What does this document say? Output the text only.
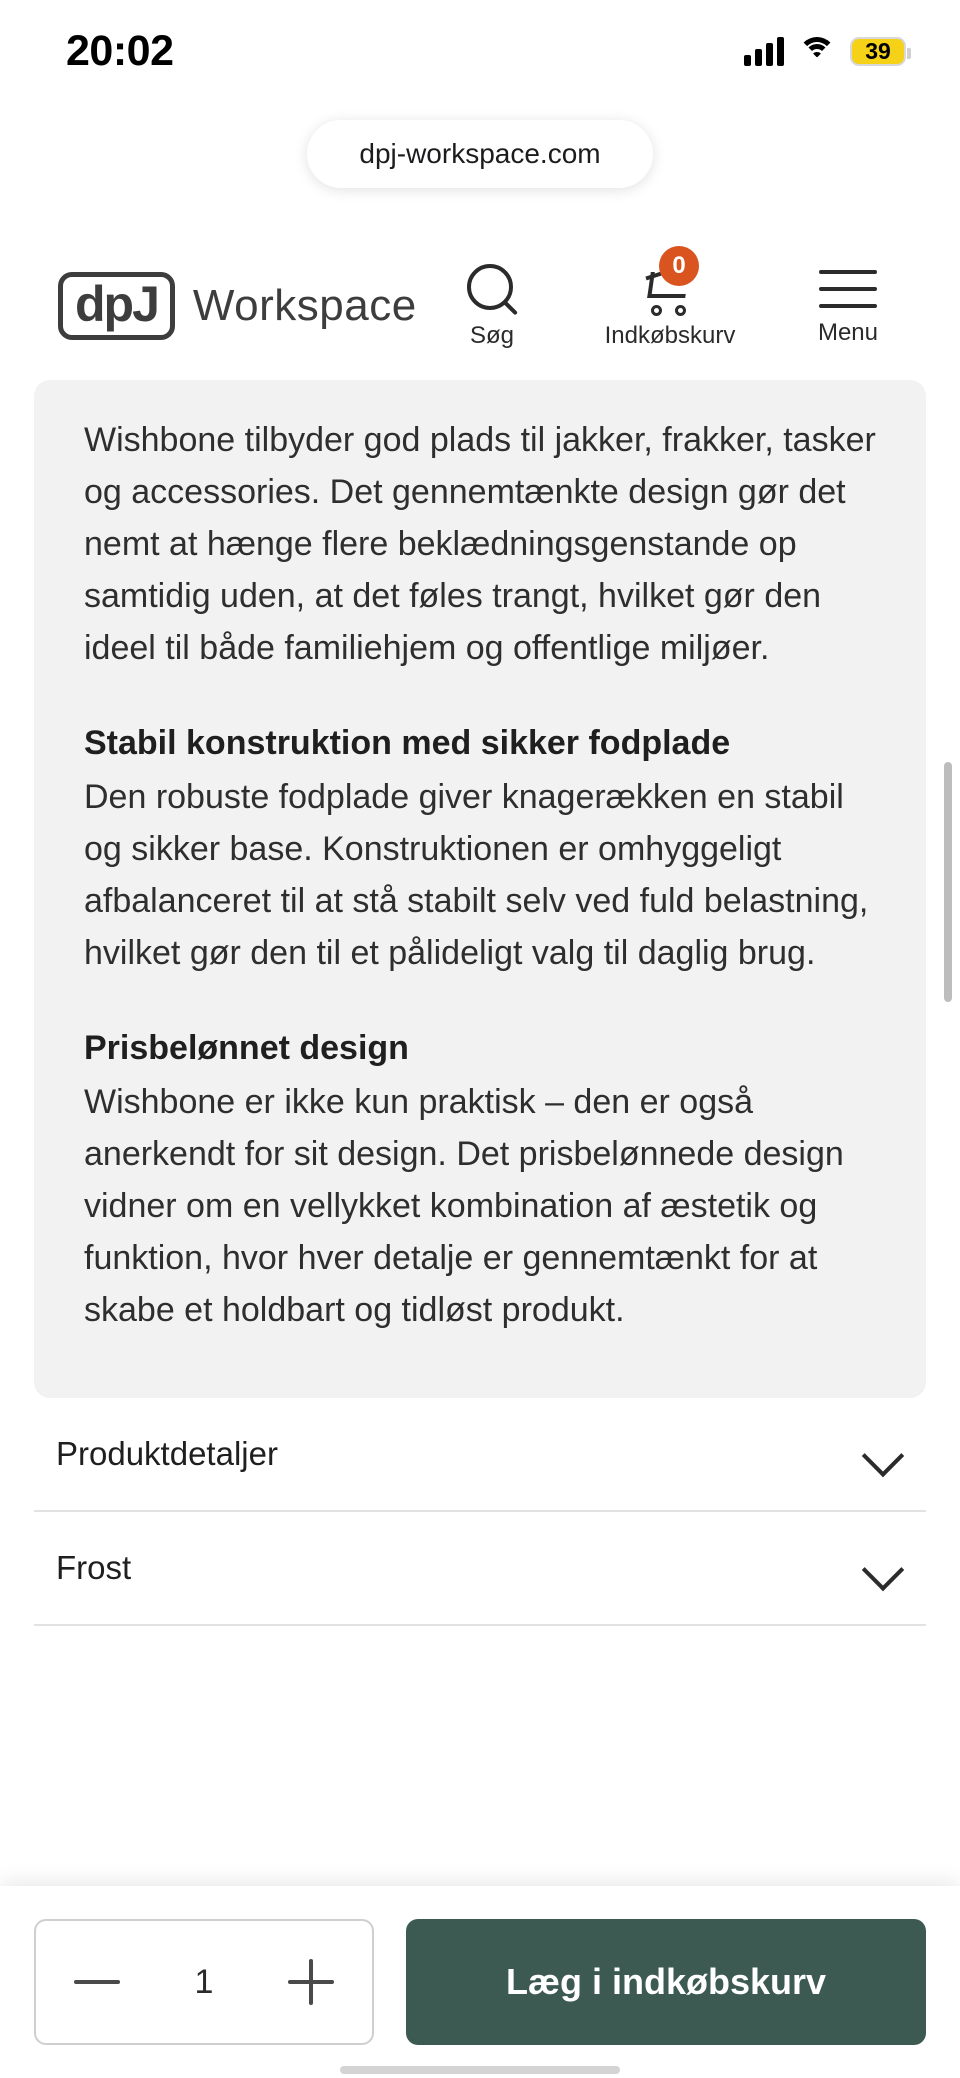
20:02	39
dpj-workspace.com
dpJ Workspace
Søg
0
Indkøbskurv	Menu

Wishbone tilbyder god plads til jakker, frakker, tasker og accessories. Det gennemtænkte design gør det nemt at hænge flere beklædningsgenstande op samtidig uden, at det føles trangt, hvilket gør den ideel til både familiehjem og offentlige miljøer.

Stabil konstruktion med sikker fodplade

Den robuste fodplade giver knagerækken en stabil og sikker base. Konstruktionen er omhyggeligt afbalanceret til at stå stabilt selv ved fuld belastning, hvilket gør den til et pålideligt valg til daglig brug.

Prisbelønnet design

Wishbone er ikke kun praktisk – den er også anerkendt for sit design. Det prisbelønnede design vidner om en vellykket kombination af æstetik og funktion, hvor hver detalje er gennemtænkt for at skabe et holdbart og tidløst produkt.

Produktdetaljer
Frost
1	Læg i indkøbskurv
